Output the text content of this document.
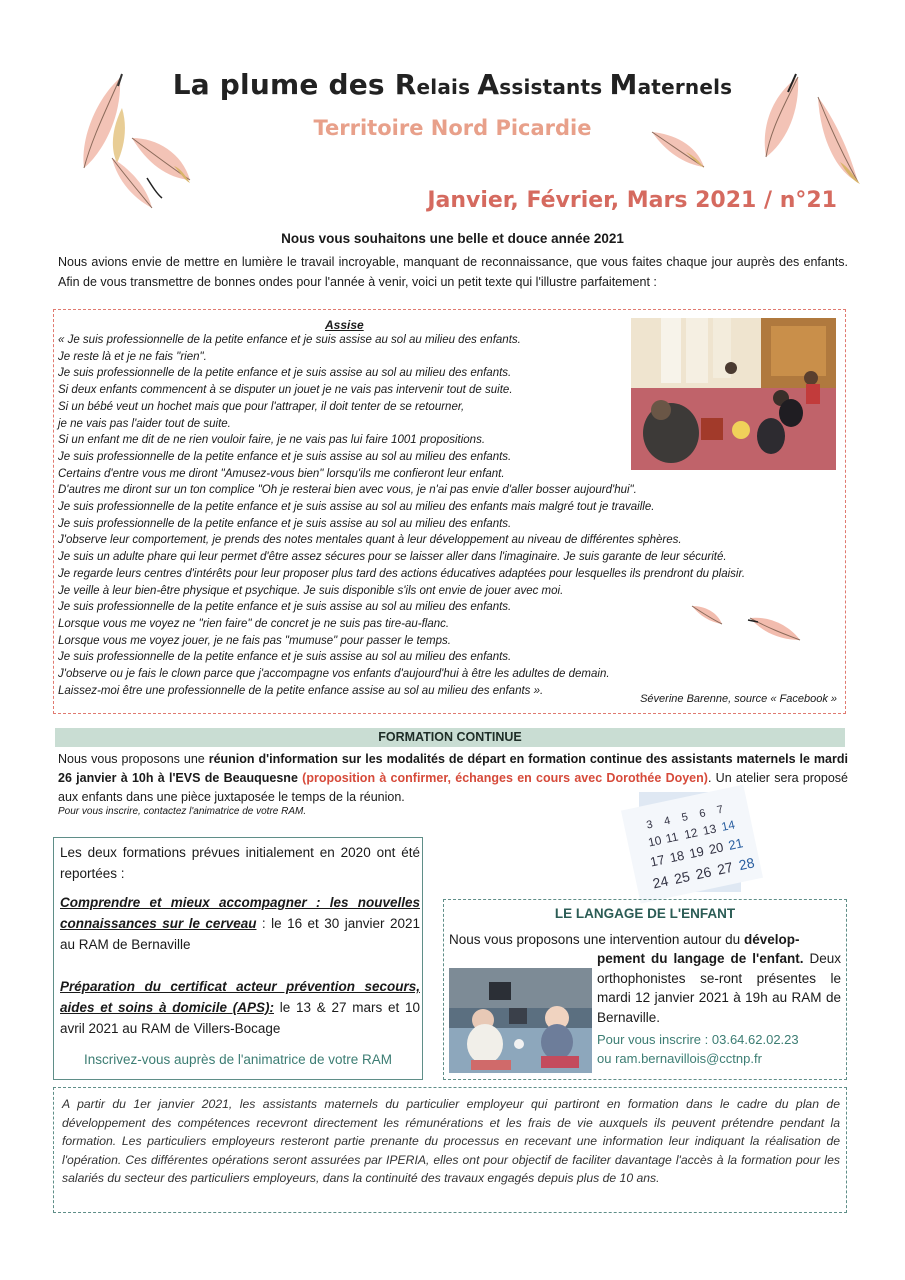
La plume des Relais Assistants Maternels
Territoire Nord Picardie
Janvier, Février, Mars 2021 / n°21
Nous vous souhaitons une belle et douce année 2021
Nous avions envie de mettre en lumière le travail incroyable, manquant de reconnaissance, que vous faites chaque jour auprès des enfants. Afin de vous transmettre de bonnes ondes pour l'année à venir, voici un petit texte qui l'illustre parfaitement :
Assise
« Je suis professionnelle de la petite enfance et je suis assise au sol au milieu des enfants.
Je reste là et je ne fais "rien".
Je suis professionnelle de la petite enfance et je suis assise au sol au milieu des enfants.
Si deux enfants commencent à se disputer un jouet je ne vais pas intervenir tout de suite.
Si un bébé veut un hochet mais que pour l'attraper, il doit tenter de se retourner,
je ne vais pas l'aider tout de suite.
Si un enfant me dit de ne rien vouloir faire, je ne vais pas lui faire 1001 propositions.
Je suis professionnelle de la petite enfance et je suis assise au sol au milieu des enfants.
Certains d'entre vous me diront "Amusez-vous bien" lorsqu'ils me confieront leur enfant.
D'autres me diront sur un ton complice "Oh je resterai bien avec vous, je n'ai pas envie d'aller bosser aujourd'hui".
Je suis professionnelle de la petite enfance et je suis assise au sol au milieu des enfants mais malgré tout je travaille.
Je suis professionnelle de la petite enfance et je suis assise au sol au milieu des enfants.
J'observe leur comportement, je prends des notes mentales quant à leur développement au niveau de différentes sphères.
Je suis un adulte phare qui leur permet d'être assez sécures pour se laisser aller dans l'imaginaire. Je suis garante de leur sécurité.
Je regarde leurs centres d'intérêts pour leur proposer plus tard des actions éducatives adaptées pour lesquelles ils prendront du plaisir.
Je veille à leur bien-être physique et psychique. Je suis disponible s'ils ont envie de jouer avec moi.
Je suis professionnelle de la petite enfance et je suis assise au sol au milieu des enfants.
Lorsque vous me voyez ne "rien faire" de concret je ne suis pas tire-au-flanc.
Lorsque vous me voyez jouer, je ne fais pas "mumuse" pour passer le temps.
Je suis professionnelle de la petite enfance et je suis assise au sol au milieu des enfants.
J'observe ou je fais le clown parce que j'accompagne vos enfants d'aujourd'hui à être les adultes de demain.
Laissez-moi être une professionnelle de la petite enfance assise au sol au milieu des enfants ».
Séverine Barenne, source « Facebook »
FORMATION CONTINUE
Nous vous proposons une réunion d'information sur les modalités de départ en formation continue des assistants maternels le mardi 26 janvier à 10h à l'EVS de Beauquesne (proposition à confirmer, échanges en cours avec Dorothée Doyen). Un atelier sera proposé aux enfants dans une pièce juxtaposée le temps de la réunion.
Pour vous inscrire, contactez l'animatrice de votre RAM.
3 4 5 6 7
10 11 12 13 14
17 18 19 20 21
24 25 26 27 28

Les deux formations prévues initialement en 2020 ont été reportées :

Comprendre et mieux accompagner : les nouvelles connaissances sur le cerveau : le 16 et 30 janvier 2021 au RAM de Bernaville

Préparation du certificat acteur prévention secours, aides et soins à domicile (APS): le 13 & 27 mars et 10 avril 2021 au RAM de Villers-Bocage

Inscrivez-vous auprès de l'animatrice de votre RAM
LE LANGAGE DE L'ENFANT
Nous vous proposons une intervention autour du dévelop-
pement du langage de l'enfant. Deux orthophonistes se-ront présentes le mardi 12 janvier 2021 à 19h au RAM de Bernaville.
Pour vous inscrire : 03.64.62.02.23
ou ram.bernavillois@cctnp.fr
A partir du 1er janvier 2021, les assistants maternels du particulier employeur qui partiront en formation dans le cadre du plan de développement des compétences recevront directement les rémunérations et les frais de vie auxquels ils peuvent prétendre pendant la formation. Les particuliers employeurs resteront partie prenante du processus en recevant une information leur indiquant la réalisation de l'opération. Ces différentes opérations seront assurées par IPERIA, elles ont pour objectif de faciliter davantage l'accès à la formation pour les salariés du secteur des particuliers employeurs, dans la continuité des travaux engagés depuis plus de 10 ans.
